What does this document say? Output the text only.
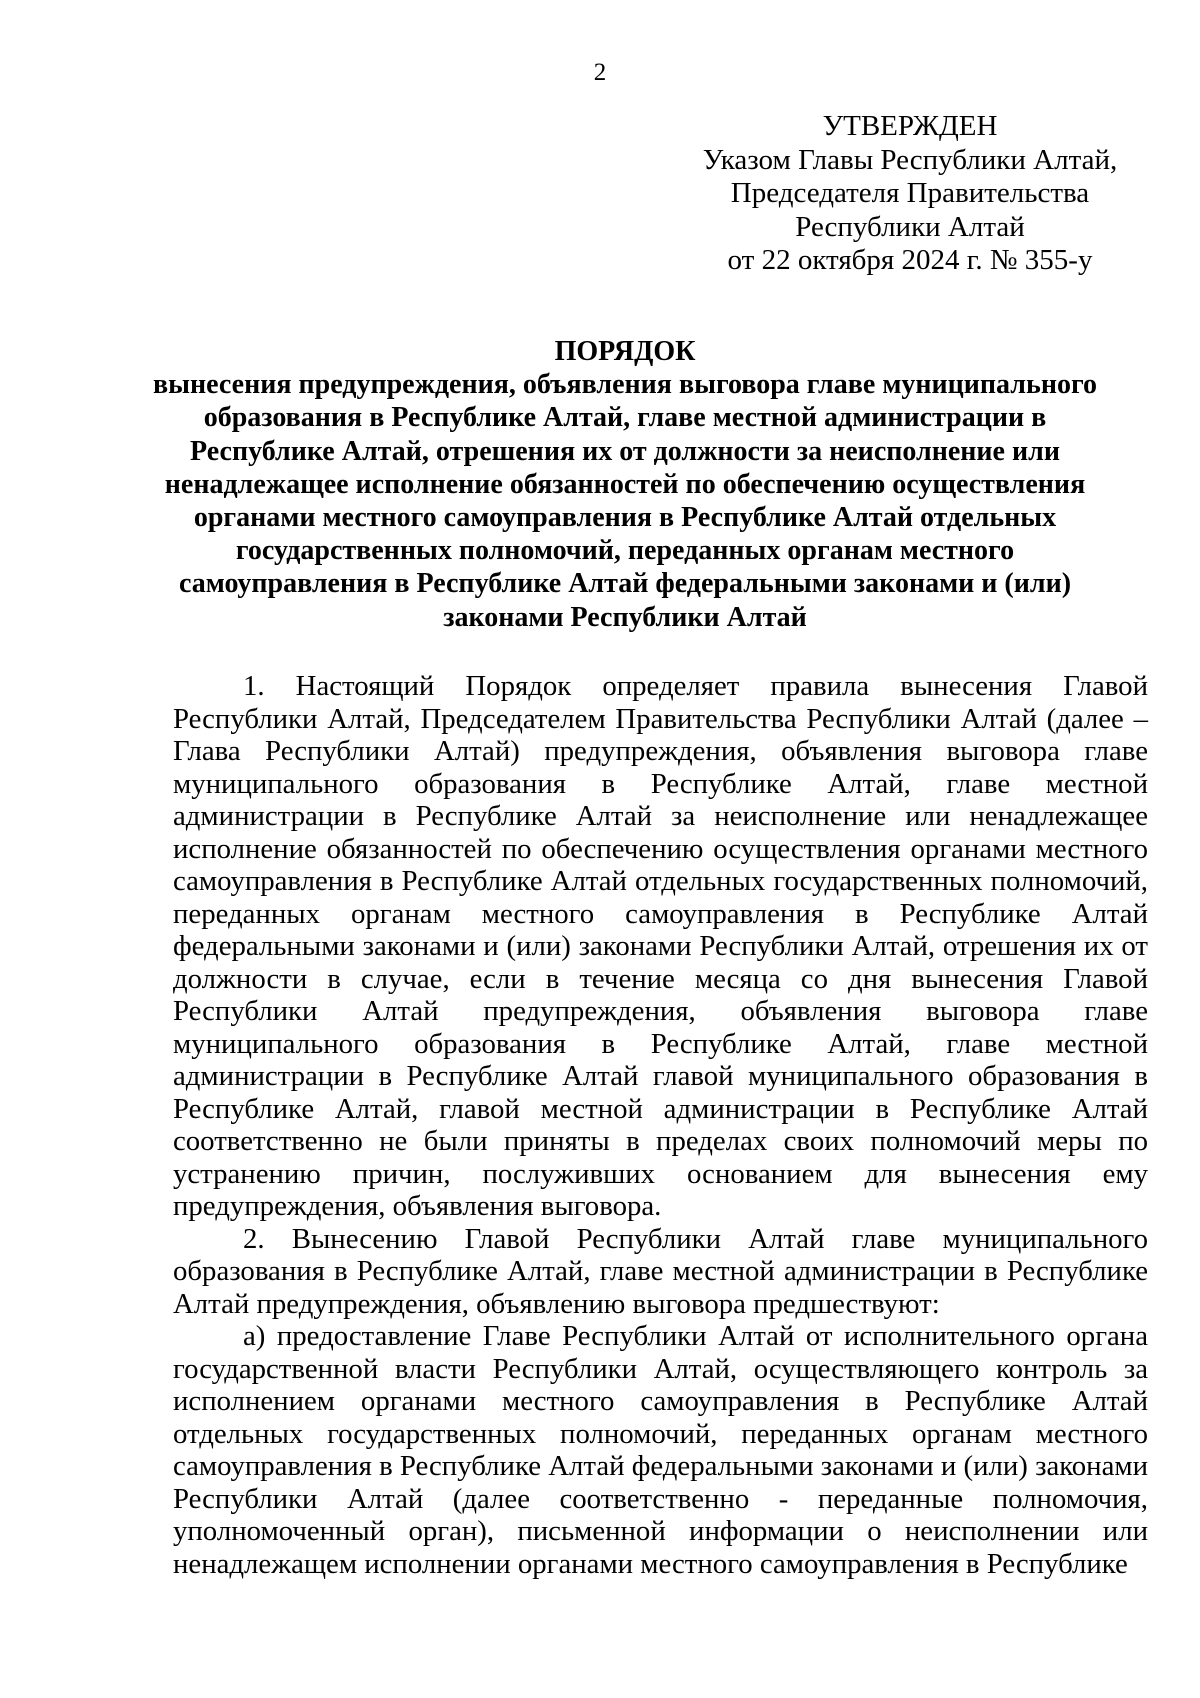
2
УТВЕРЖДЕН
Указом Главы Республики Алтай,
Председателя Правительства
Республики Алтай
от 22 октября 2024 г. № 355-у
ПОРЯДОК
вынесения предупреждения, объявления выговора главе муниципального
образования в Республике Алтай, главе местной администрации в
Республике Алтай, отрешения их от должности за неисполнение или
ненадлежащее исполнение обязанностей по обеспечению осуществления
органами местного самоуправления в Республике Алтай отдельных
государственных полномочий, переданных органам местного
самоуправления в Республике Алтай федеральными законами и (или)
законами Республики Алтай

1. Настоящий Порядок определяет правила вынесения Главой Республики Алтай, Председателем Правительства Республики Алтай (далее – Глава Республики Алтай) предупреждения, объявления выговора главе муниципального образования в Республике Алтай, главе местной администрации в Республике Алтай за неисполнение или ненадлежащее исполнение обязанностей по обеспечению осуществления органами местного самоуправления в Республике Алтай отдельных государственных полномочий, переданных органам местного самоуправления в Республике Алтай федеральными законами и (или) законами Республики Алтай, отрешения их от должности в случае, если в течение месяца со дня вынесения Главой Республики Алтай предупреждения, объявления выговора главе муниципального образования в Республике Алтай, главе местной администрации в Республике Алтай главой муниципального образования в Республике Алтай, главой местной администрации в Республике Алтай соответственно не были приняты в пределах своих полномочий меры по устранению причин, послуживших основанием для вынесения ему предупреждения, объявления выговора.

2. Вынесению Главой Республики Алтай главе муниципального образования в Республике Алтай, главе местной администрации в Республике Алтай предупреждения, объявлению выговора предшествуют:

а) предоставление Главе Республики Алтай от исполнительного органа государственной власти Республики Алтай, осуществляющего контроль за исполнением органами местного самоуправления в Республике Алтай отдельных государственных полномочий, переданных органам местного самоуправления в Республике Алтай федеральными законами и (или) законами Республики Алтай (далее соответственно - переданные полномочия, уполномоченный орган), письменной информации о неисполнении или ненадлежащем исполнении органами местного самоуправления в Республике
